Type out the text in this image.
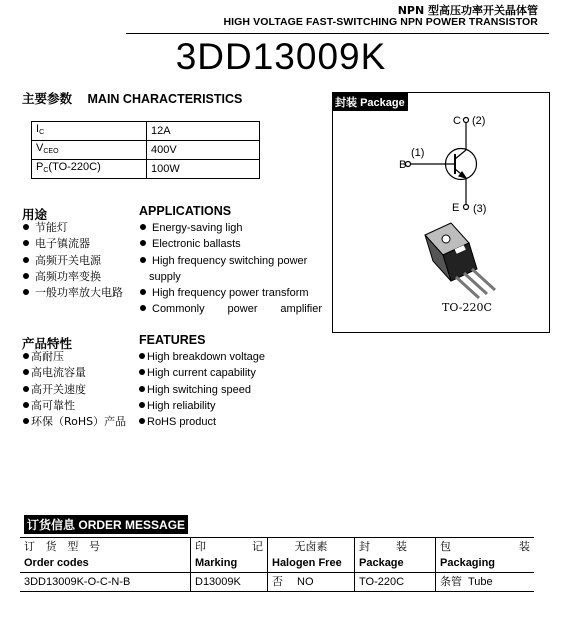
NPN 型高压功率开关晶体管
HIGH VOLTAGE FAST-SWITCHING NPN POWER TRANSISTOR
3DD13009K
主要参数 MAIN CHARACTERISTICS
$I_C$	12A
$V_{CEO}$	400V
$P_C(TO-220C)$	100W
用途	APPLICATIONS
节能灯
电子镇流器
高频开关电源
高频功率变换
一般功率放大电路
Energy-saving ligh
Electronic ballasts
High frequency switching power
supply
High frequency power transform
Commonly power amplifier
产品特性	FEATURES
高耐压
高电流容量
高开关速度
高可靠性
环保（RoHS）产品
High breakdown voltage
High current capability
High switching speed
High reliability
RoHS product
封装 Package
C (2)
B
(1)
E (3)
TO-220C
订货信息 ORDER MESSAGE
订 货 型 号	印 记	无卤素	封 装	包 装

Order codes	Marking	Halogen Free	Package	Packaging
3DD13009K-O-C-N-B	D13009K	否 NO	TO-220C	条管 Tube
